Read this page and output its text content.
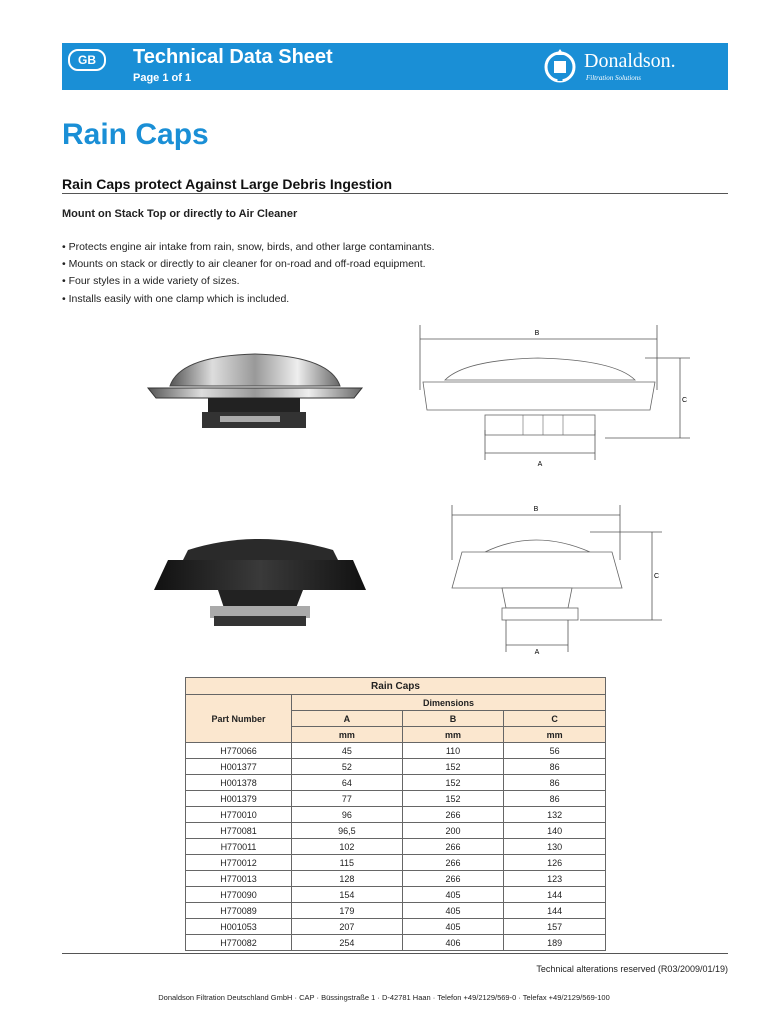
GB	Technical Data Sheet
Page 1 of 1
Donaldson.
Filtration Solutions
Rain Caps
Rain Caps protect Against Large Debris Ingestion
Mount on Stack Top or directly to Air Cleaner
• Protects engine air intake from rain, snow, birds, and other large contaminants.
• Mounts on stack or directly to air cleaner for on-road and off-road equipment.
• Four styles in a wide variety of sizes.
• Installs easily with one clamp which is included.
B
A
C
B
A
C
Rain Caps			
Part Number	Dimensions		
	A	B	C
	mm	mm	mm
H770066	45	110	56
H001377	52	152	86
H001378	64	152	86
H001379	77	152	86
H770010	96	266	132
H770081	96,5	200	140
H770011	102	266	130
H770012	115	266	126
H770013	128	266	123
H770090	154	405	144
H770089	179	405	144
H001053	207	405	157
H770082	254	406	189
Technical alterations reserved (R03/2009/01/19)
Donaldson Filtration Deutschland GmbH · CAP · Büssingstraße 1 · D-42781 Haan · Telefon +49/2129/569-0 · Telefax +49/2129/569-100
